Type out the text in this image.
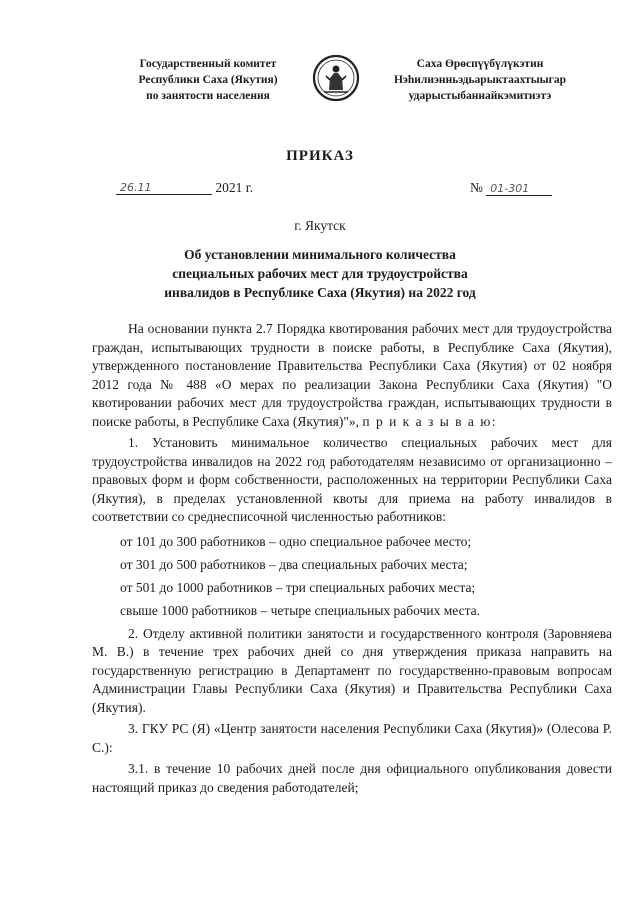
Государственный комитет
Республики Саха (Якутия)
по занятости населения
Саха Өрөспүүбүлүкэтин
Нэһилиэнньэдьарыктаахтыыгар
ударыстыбаннайкэмитиэтэ
ПРИКАЗ
26.11	2021 г.	№ 01-301
г. Якутск
Об установлении минимального количества
специальных рабочих мест для трудоустройства
инвалидов в Республике Саха (Якутия) на 2022 год

На основании пункта 2.7 Порядка квотирования рабочих мест для трудоустройства граждан, испытывающих трудности в поиске работы, в Республике Саха (Якутия), утвержденного постановление Правительства Республики Саха (Якутия) от 02 ноября 2012 года № 488 «О мерах по реализации Закона Республики Саха (Якутия) "О квотировании рабочих мест для трудоустройства граждан, испытывающих трудности в поиске работы, в Республике Саха (Якутия)"», п р и к а з ы в а ю:

1. Установить минимальное количество специальных рабочих мест для трудоустройства инвалидов на 2022 год работодателям независимо от организационно – правовых форм и форм собственности, расположенных на территории Республики Саха (Якутия), в пределах установленной квоты для приема на работу инвалидов в соответствии со среднесписочной численностью работников:

от 101 до 300 работников – одно специальное рабочее место;
от 301 до 500 работников – два специальных рабочих места;
от 501 до 1000 работников – три специальных рабочих места;
свыше 1000 работников – четыре специальных рабочих места.

2. Отделу активной политики занятости и государственного контроля (Заровняева М. В.) в течение трех рабочих дней со дня утверждения приказа направить на государственную регистрацию в Департамент по государственно-правовым вопросам Администрации Главы Республики Саха (Якутия) и Правительства Республики Саха (Якутия).

3. ГКУ РС (Я) «Центр занятости населения Республики Саха (Якутия)» (Олесова Р. С.):

3.1. в течение 10 рабочих дней после дня официального опубликования довести настоящий приказ до сведения работодателей;
